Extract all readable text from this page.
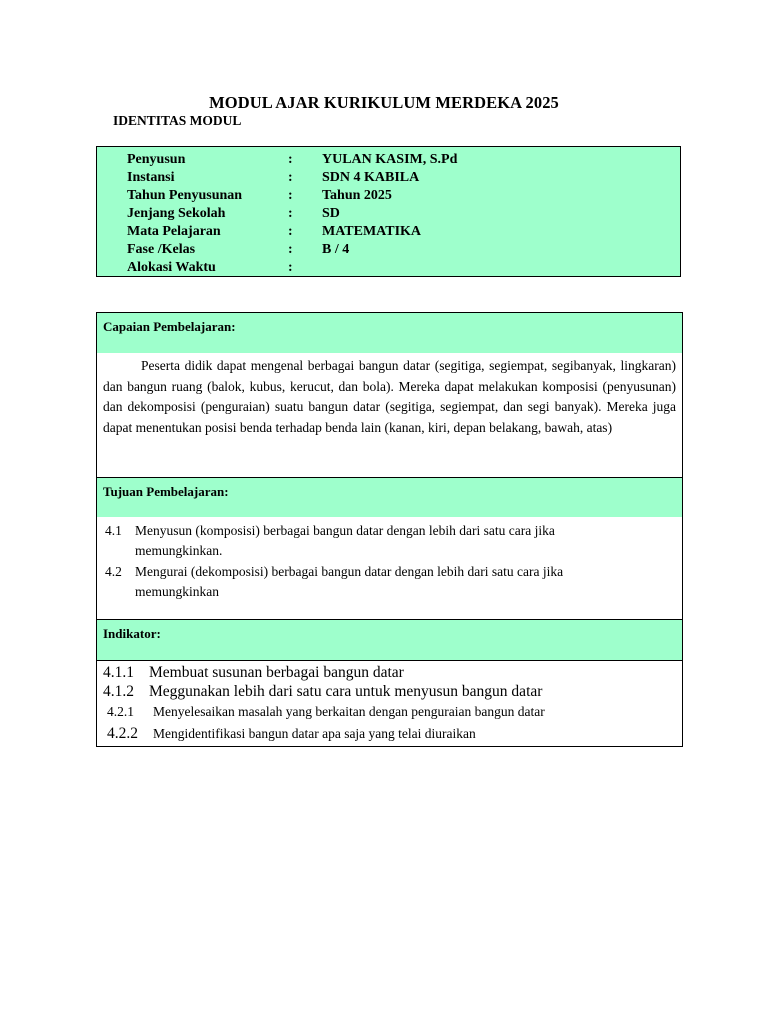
MODUL AJAR KURIKULUM MERDEKA 2025
IDENTITAS MODUL
Penyusun	: YULAN KASIM, S.Pd
Instansi	: SDN 4 KABILA
Tahun Penyusunan	: Tahun 2025
Jenjang Sekolah	: SD
Mata Pelajaran	: MATEMATIKA
Fase /Kelas	: B / 4
Alokasi Waktu	:
Capaian Pembelajaran:
Peserta didik dapat mengenal berbagai bangun datar (segitiga, segiempat, segibanyak, lingkaran) dan bangun ruang (balok, kubus, kerucut, dan bola). Mereka dapat melakukan komposisi (penyusunan) dan dekomposisi (penguraian) suatu bangun datar (segitiga, segiempat, dan segi banyak). Mereka juga dapat menentukan posisi benda terhadap benda lain (kanan, kiri, depan belakang, bawah, atas)
Tujuan Pembelajaran:
4.1 Menyusun (komposisi) berbagai bangun datar dengan lebih dari satu cara jika memungkinkan.
4.2 Mengurai (dekomposisi) berbagai bangun datar dengan lebih dari satu cara jika memungkinkan
Indikator:
4.1.1 Membuat susunan berbagai bangun datar
4.1.2 Meggunakan lebih dari satu cara untuk menyusun bangun datar
4.2.1 Menyelesaikan masalah yang berkaitan dengan penguraian bangun datar
4.2.2 Mengidentifikasi bangun datar apa saja yang telai diuraikan
